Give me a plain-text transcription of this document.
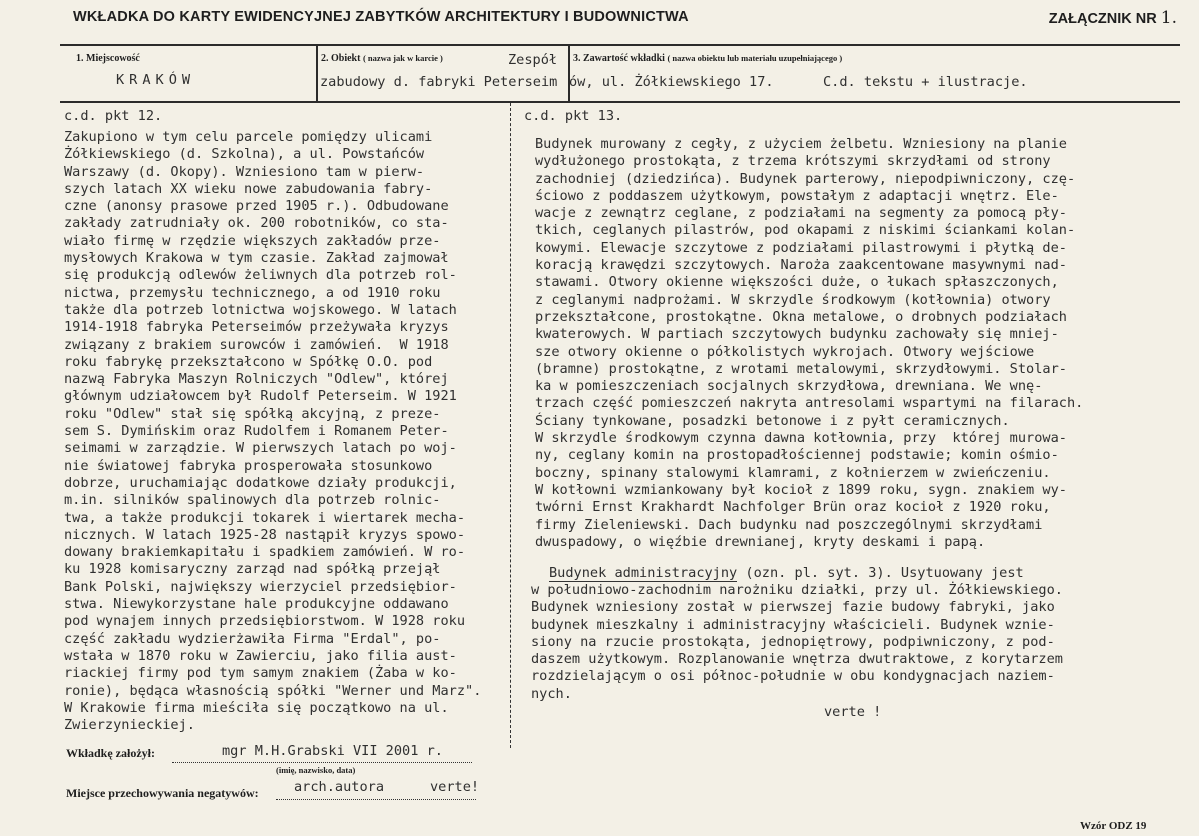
WKŁADKA DO KARTY EWIDENCYJNEJ ZABYTKÓW ARCHITEKTURY I BUDOWNICTWA	ZAŁĄCZNIK NR 1.
1. Miejscowość
KRAKÓW
2. Obiekt ( nazwa jak w karcie )	Zespół
zabudowy d. fabryki Peterseim
3. Zawartość wkładki ( nazwa obiektu lub materiału uzupełniającego )
ów, ul. Żółkiewskiego 17.	C.d. tekstu + ilustracje.
c.d. pkt 12.
Zakupiono w tym celu parcele pomiędzy ulicami
Żółkiewskiego (d. Szkolna), a ul. Powstańców
Warszawy (d. Okopy). Wzniesiono tam w pierw-
szych latach XX wieku nowe zabudowania fabry-
czne (anonsy prasowe przed 1905 r.). Odbudowane
zakłady zatrudniały ok. 200 robotników, co sta-
wiało firmę w rzędzie większych zakładów prze-
mysłowych Krakowa w tym czasie. Zakład zajmował
się produkcją odlewów żeliwnych dla potrzeb rol-
nictwa, przemysłu technicznego, a od 1910 roku
także dla potrzeb lotnictwa wojskowego. W latach
1914-1918 fabryka Peterseimów przeżywała kryzys
związany z brakiem surowców i zamówień.  W 1918
roku fabrykę przekształcono w Spółkę O.O. pod
nazwą Fabryka Maszyn Rolniczych "Odlew", której
głównym udziałowcem był Rudolf Peterseim. W 1921
roku "Odlew" stał się spółką akcyjną, z preze-
sem S. Dymińskim oraz Rudolfem i Romanem Peter-
seimami w zarządzie. W pierwszych latach po woj-
nie światowej fabryka prosperowała stosunkowo
dobrze, uruchamiając dodatkowe działy produkcji,
m.in. silników spalinowych dla potrzeb rolnic-
twa, a także produkcji tokarek i wiertarek mecha-
nicznych. W latach 1925-28 nastąpił kryzys spowo-
dowany brakiemkapitału i spadkiem zamówień. W ro-
ku 1928 komisaryczny zarząd nad spółką przejął
Bank Polski, największy wierzyciel przedsiębior-
stwa. Niewykorzystane hale produkcyjne oddawano
pod wynajem innych przedsiębiorstwom. W 1928 roku
część zakładu wydzierżawiła Firma "Erdal", po-
wstała w 1870 roku w Zawierciu, jako filia aust-
riackiej firmy pod tym samym znakiem (Żaba w ko-
ronie), będąca własnością spółki "Werner und Marz".
W Krakowie firma mieściła się początkowo na ul.
Zwierzynieckiej.
c.d. pkt 13.
Budynek murowany z cegły, z użyciem żelbetu. Wzniesiony na planie
wydłużonego prostokąta, z trzema krótszymi skrzydłami od strony
zachodniej (dziedzińca). Budynek parterowy, niepodpiwniczony, czę-
ściowo z poddaszem użytkowym, powstałym z adaptacji wnętrz. Ele-
wacje z zewnątrz ceglane, z podziałami na segmenty za pomocą pły-
tkich, ceglanych pilastrów, pod okapami z niskimi ściankami kolan-
kowymi. Elewacje szczytowe z podziałami pilastrowymi i płytką de-
koracją krawędzi szczytowych. Naroża zaakcentowane masywnymi nad-
stawami. Otwory okienne większości duże, o łukach spłaszczonych,
z ceglanymi nadprożami. W skrzydle środkowym (kotłownia) otwory
przekształcone, prostokątne. Okna metalowe, o drobnych podziałach
kwaterowych. W partiach szczytowych budynku zachowały się mniej-
sze otwory okienne o półkolistych wykrojach. Otwory wejściowe
(bramne) prostokątne, z wrotami metalowymi, skrzydłowymi. Stolar-
ka w pomieszczeniach socjalnych skrzydłowa, drewniana. We wnę-
trzach część pomieszczeń nakryta antresolami wspartymi na filarach.
Ściany tynkowane, posadzki betonowe i z pyłt ceramicznych.
W skrzydle środkowym czynna dawna kotłownia, przy  której murowa-
ny, ceglany komin na prostopadłościennej podstawie; komin ośmio-
boczny, spinany stalowymi klamrami, z kołnierzem w zwieńczeniu.
W kotłowni wzmiankowany był kocioł z 1899 roku, sygn. znakiem wy-
twórni Ernst Krakhardt Nachfolger Brün oraz kocioł z 1920 roku,
firmy Zieleniewski. Dach budynku nad poszczególnymi skrzydłami
dwuspadowy, o więźbie drewnianej, kryty deskami i papą.
Budynek administracyjny (ozn. pl. syt. 3). Usytuowany jest
w południowo-zachodnim narożniku działki, przy ul. Żółkiewskiego.
Budynek wzniesiony został w pierwszej fazie budowy fabryki, jako
budynek mieszkalny i administracyjny właścicieli. Budynek wznie-
siony na rzucie prostokąta, jednopiętrowy, podpiwniczony, z pod-
daszem użytkowym. Rozplanowanie wnętrza dwutraktowe, z korytarzem
rozdzielającym o osi północ-południe w obu kondygnacjach naziem-
nych.
verte !
Wkładkę założył:	mgr M.H.Grabski VII 2001 r.
(imię, nazwisko, data)
Miejsce przechowywania negatywów:	arch.autora	verte!
Wzór ODZ 19
